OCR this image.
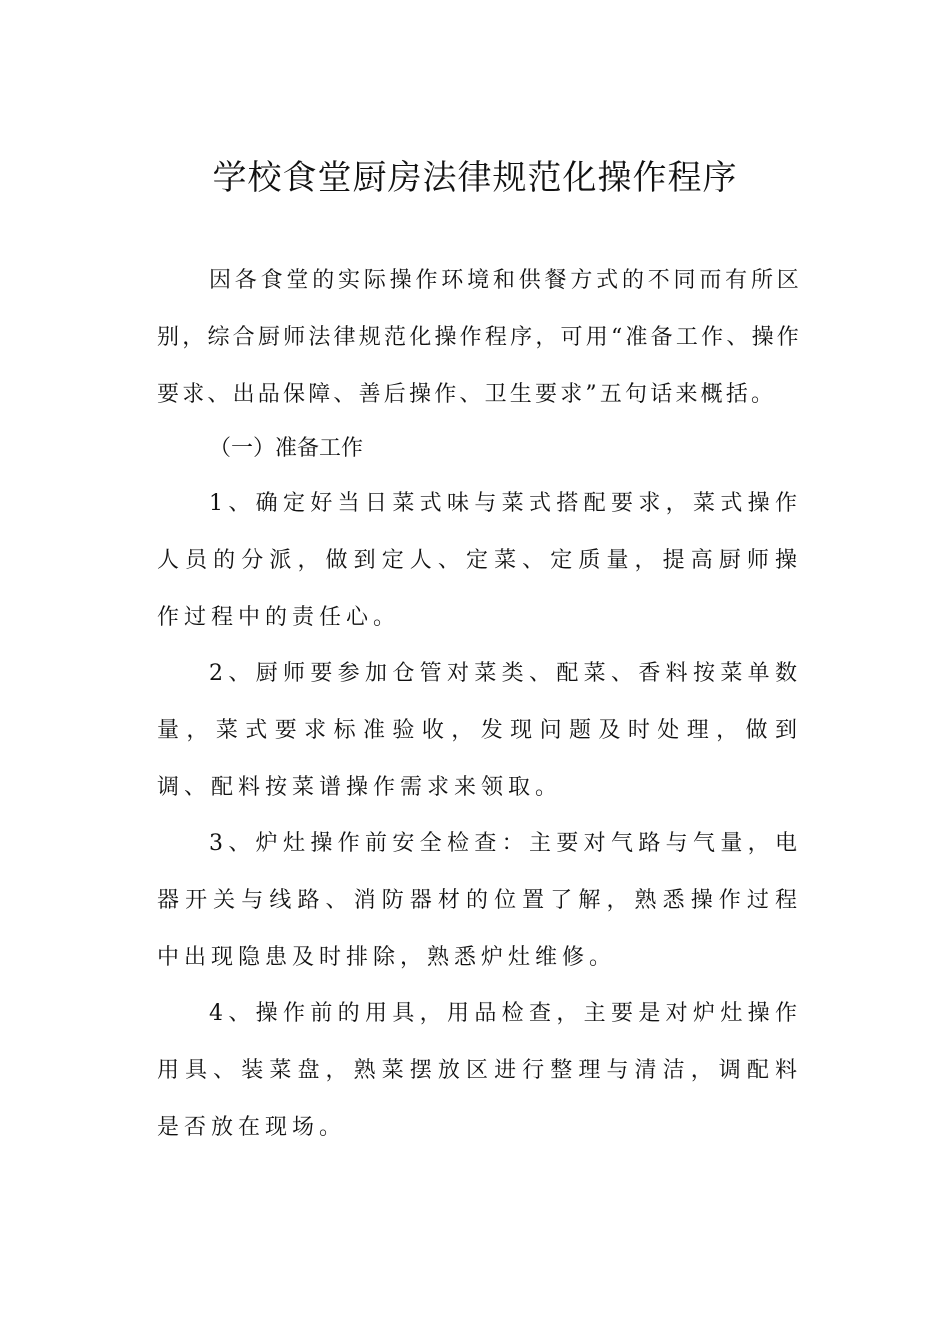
学校食堂厨房法律规范化操作程序

因各食堂的实际操作环境和供餐方式的不同而有所区别，综合厨师法律规范化操作程序，可用“准备工作、操作要求、出品保障、善后操作、卫生要求”五句话来概括。

（一）准备工作

1、确定好当日菜式味与菜式搭配要求，菜式操作人员的分派，做到定人、定菜、定质量，提高厨师操作过程中的责任心。

2、厨师要参加仓管对菜类、配菜、香料按菜单数量，菜式要求标准验收，发现问题及时处理，做到调、配料按菜谱操作需求来领取。

3、炉灶操作前安全检查：主要对气路与气量，电器开关与线路、消防器材的位置了解，熟悉操作过程中出现隐患及时排除，熟悉炉灶维修。

4、操作前的用具，用品检查，主要是对炉灶操作用具、装菜盘，熟菜摆放区进行整理与清洁，调配料是否放在现场。
